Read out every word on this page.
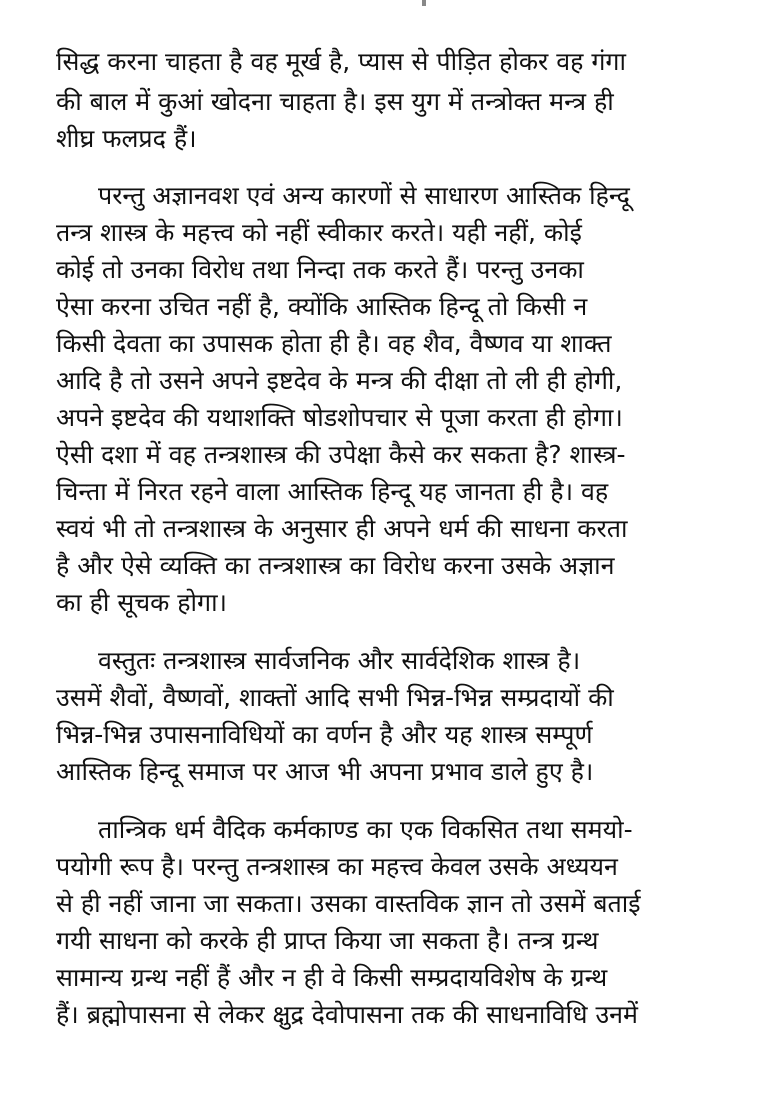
सिद्ध करना चाहता है वह मूर्ख है, प्यास से पीड़ित होकर वह गंगा
की बाल में कुआं खोदना चाहता है। इस युग में तन्त्रोक्त मन्त्र ही
शीघ्र फलप्रद हैं।
परन्तु अज्ञानवश एवं अन्य कारणों से साधारण आस्तिक हिन्दू
तन्त्र शास्त्र के महत्त्व को नहीं स्वीकार करते। यही नहीं, कोई
कोई तो उनका विरोध तथा निन्दा तक करते हैं। परन्तु उनका
ऐसा करना उचित नहीं है, क्योंकि आस्तिक हिन्दू तो किसी न
किसी देवता का उपासक होता ही है। वह शैव, वैष्णव या शाक्त
आदि है तो उसने अपने इष्टदेव के मन्त्र की दीक्षा तो ली ही होगी,
अपने इष्टदेव की यथाशक्ति षोडशोपचार से पूजा करता ही होगा।
ऐसी दशा में वह तन्त्रशास्त्र की उपेक्षा कैसे कर सकता है? शास्त्र-
चिन्ता में निरत रहने वाला आस्तिक हिन्दू यह जानता ही है। वह
स्वयं भी तो तन्त्रशास्त्र के अनुसार ही अपने धर्म की साधना करता
है और ऐसे व्यक्ति का तन्त्रशास्त्र का विरोध करना उसके अज्ञान
का ही सूचक होगा।
वस्तुतः तन्त्रशास्त्र सार्वजनिक और सार्वदेशिक शास्त्र है।
उसमें शैवों, वैष्णवों, शाक्तों आदि सभी भिन्न-भिन्न सम्प्रदायों की
भिन्न-भिन्न उपासनाविधियों का वर्णन है और यह शास्त्र सम्पूर्ण
आस्तिक हिन्दू समाज पर आज भी अपना प्रभाव डाले हुए है।
तान्त्रिक धर्म वैदिक कर्मकाण्ड का एक विकसित तथा समयो-
पयोगी रूप है। परन्तु तन्त्रशास्त्र का महत्त्व केवल उसके अध्ययन
से ही नहीं जाना जा सकता। उसका वास्तविक ज्ञान तो उसमें बताई
गयी साधना को करके ही प्राप्त किया जा सकता है। तन्त्र ग्रन्थ
सामान्य ग्रन्थ नहीं हैं और न ही वे किसी सम्प्रदायविशेष के ग्रन्थ
हैं। ब्रह्मोपासना से लेकर क्षुद्र देवोपासना तक की साधनाविधि उनमें
